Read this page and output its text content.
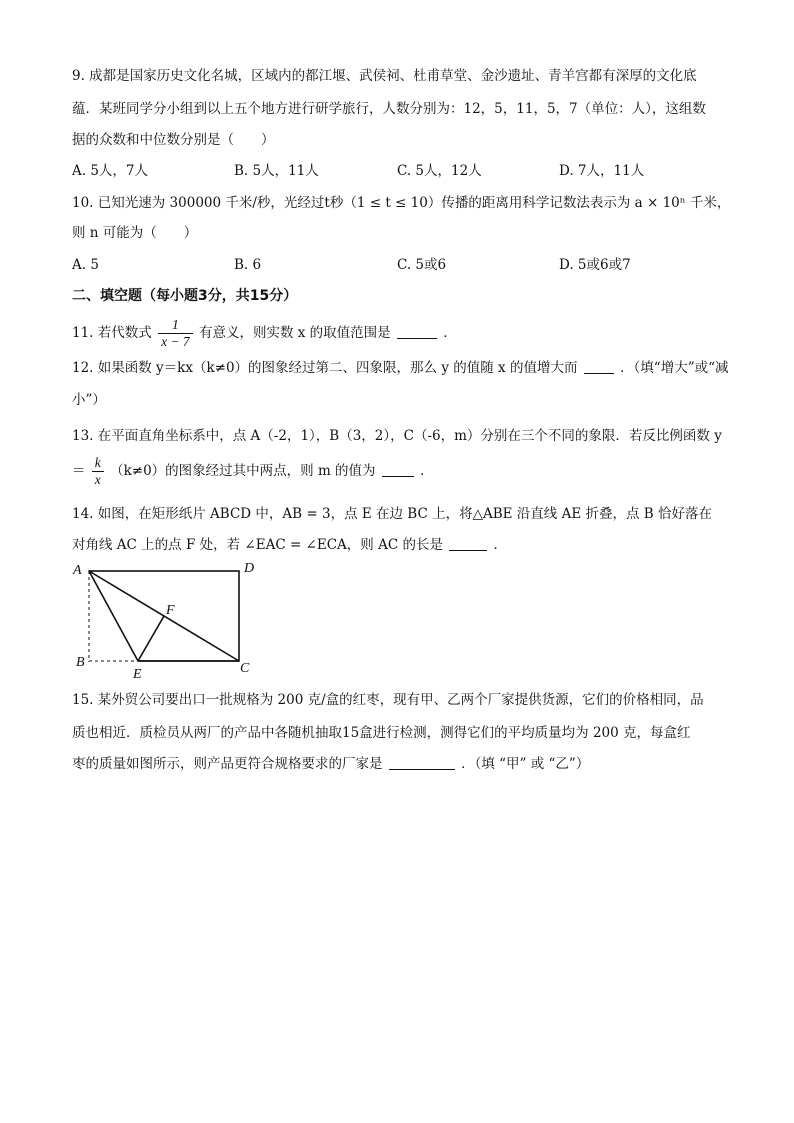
9. 成都是国家历史文化名城，区域内的都江堰、武侯祠、杜甫草堂、金沙遗址、青羊宫都有深厚的文化底
蕴．某班同学分小组到以上五个地方进行研学旅行，人数分别为：12，5，11，5，7（单位：人），这组数
据的众数和中位数分别是（　　）
A. 5人，7人	B. 5人，11人	C. 5人，12人	D. 7人，11人
10. 已知光速为 300000 千米/秒，光经过t秒（1 ≤ t ≤ 10）传播的距离用科学记数法表示为 a × 10ⁿ 千米，
则 n 可能为（　　）
A. 5	B. 6	C. 5或6	D. 5或6或7
二、填空题（每小题3分，共15分）
11. 若代数式 $\frac{1}{x - 7}$ 有意义，则实数 x 的取值范围是	．
12. 如果函数 y＝kx（k≠0）的图象经过第二、四象限，那么 y 的值随 x 的值增大而	．（填“增大”或“减
小”）
13. 在平面直角坐标系中，点 A（-2，1），B（3，2），C（-6，m）分别在三个不同的象限．若反比例函数 y
＝ $\frac{k}{x} (k\ne 0)$的图象经过其中两点，则 m 的值为	．
14. 如图，在矩形纸片 ABCD 中，AB = 3，点 E 在边 BC 上，将△ABE 沿直线 AE 折叠，点 B 恰好落在
对角线 AC 上的点 F 处，若 ∠EAC = ∠ECA，则 AC 的长是	．
A	D
F
B
E	C
15. 某外贸公司要出口一批规格为 200 克/盒的红枣，现有甲、乙两个厂家提供货源，它们的价格相同，品
质也相近．质检员从两厂的产品中各随机抽取15盒进行检测，测得它们的平均质量均为 200 克，每盒红
枣的质量如图所示，则产品更符合规格要求的厂家是	．（填 “甲” 或 “乙”）
